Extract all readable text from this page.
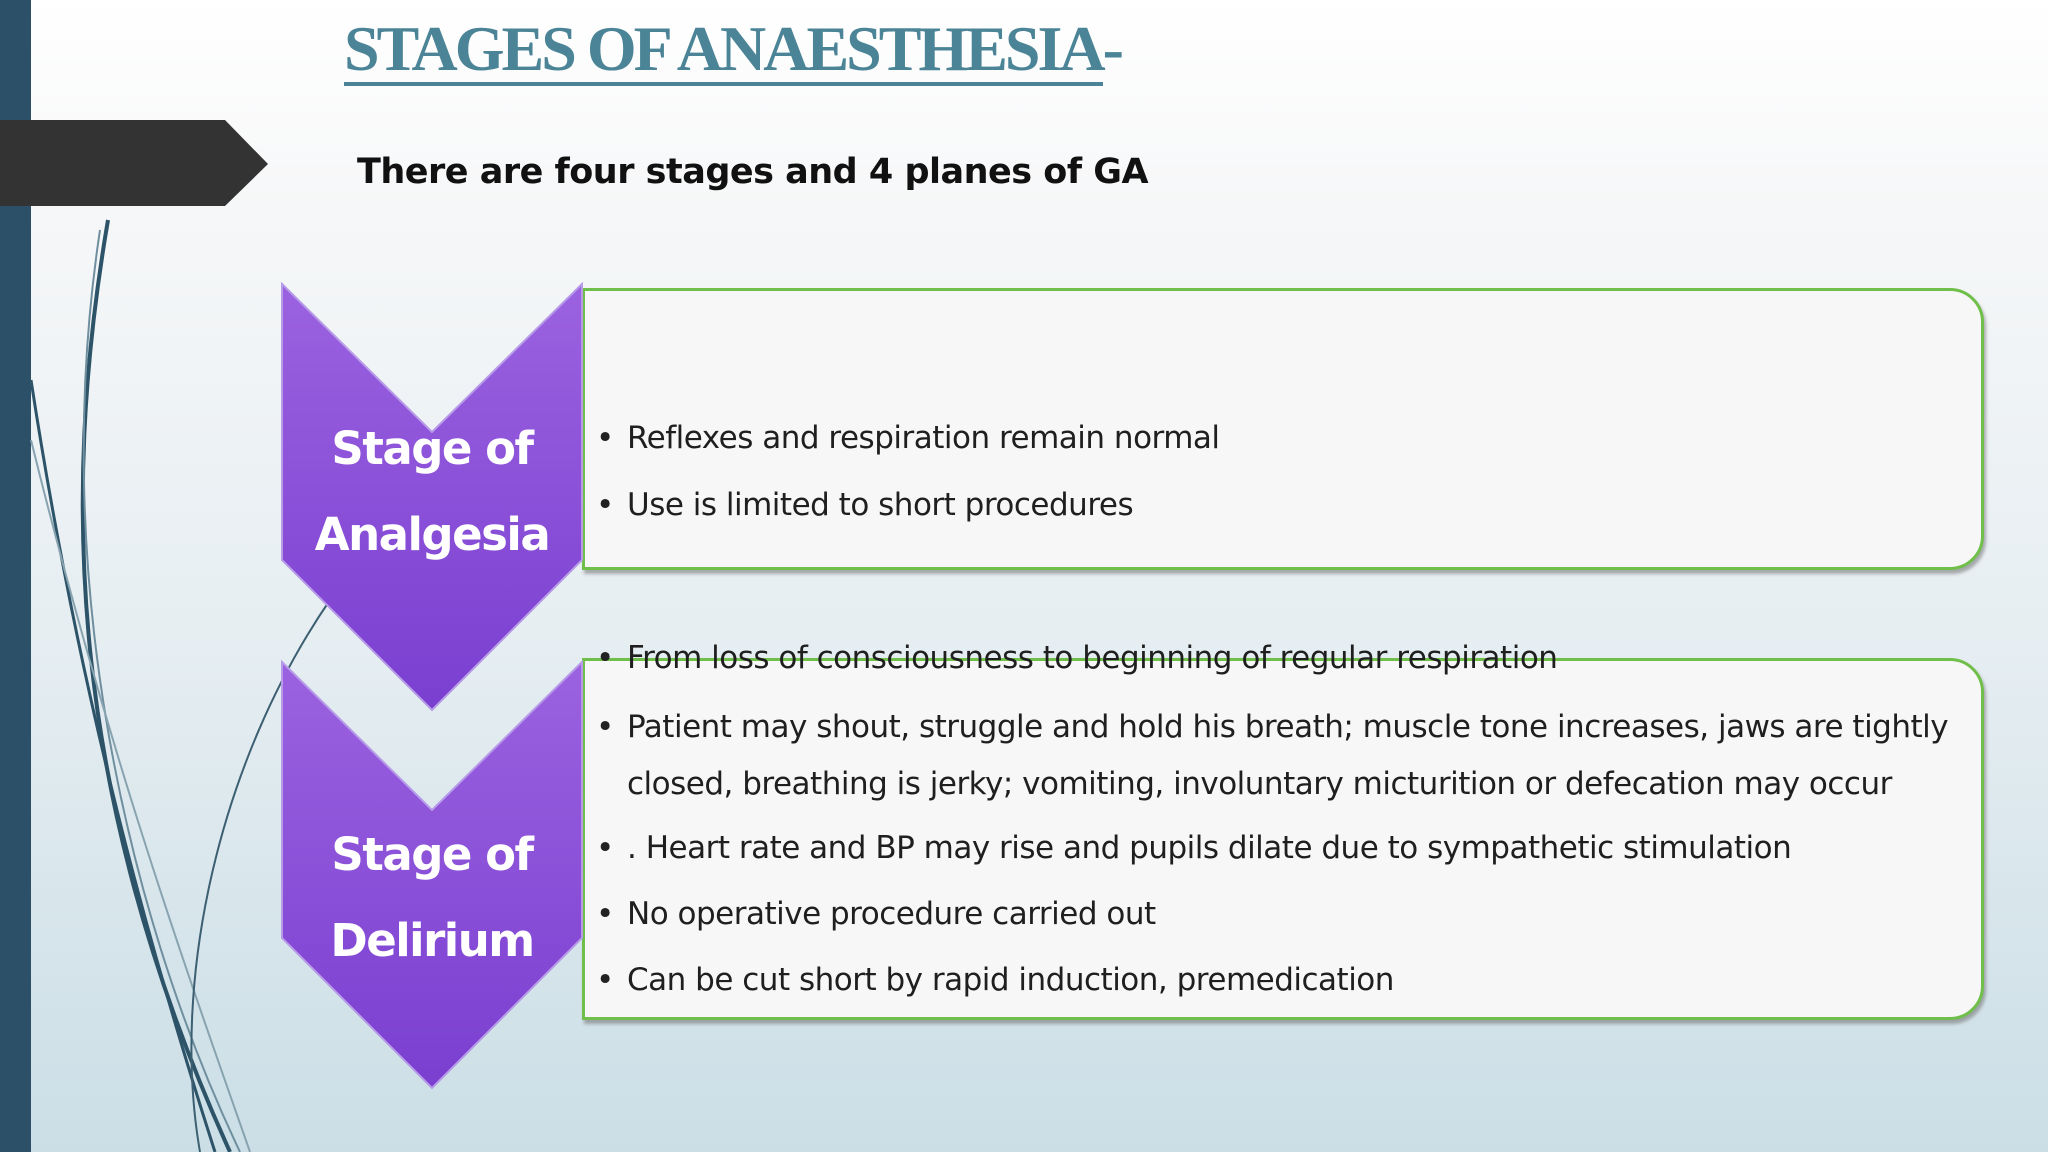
STAGES OF ANAESTHESIA-

There are four stages and 4 planes of GA

Stage of
Analgesia
Stage of
Delirium
• Reflexes and respiration remain normal
• Use is limited to short procedures
• From loss of consciousness to beginning of regular respiration
• Patient may shout, struggle and hold his breath; muscle tone increases, jaws are tightly closed, breathing is jerky; vomiting, involuntary micturition or defecation may occur
• . Heart rate and BP may rise and pupils dilate due to sympathetic stimulation
• No operative procedure carried out
• Can be cut short by rapid induction, premedication
